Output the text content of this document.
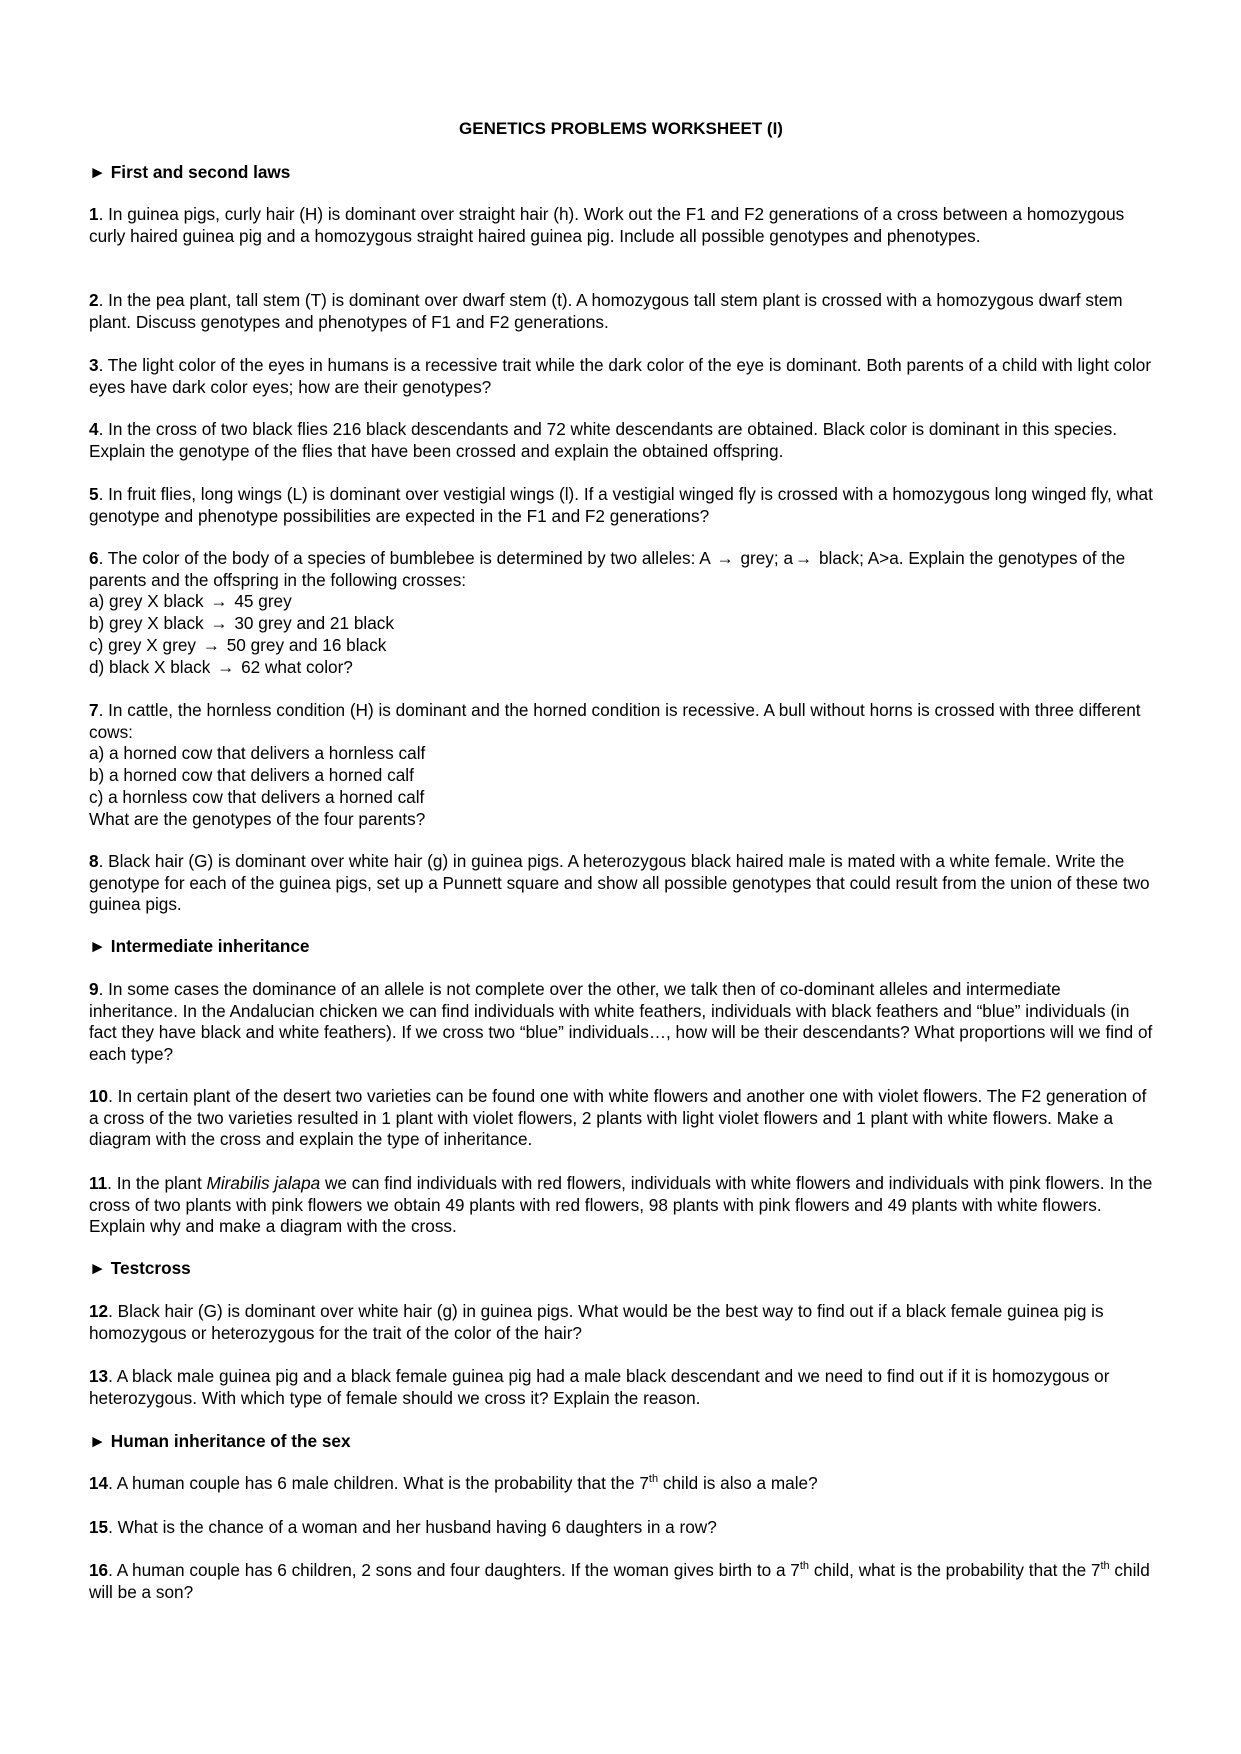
GENETICS PROBLEMS WORKSHEET (I)
► First and second laws
1. In guinea pigs, curly hair (H) is dominant over straight hair (h). Work out the F1 and F2 generations of a cross between a homozygous curly haired guinea pig and a homozygous straight haired guinea pig. Include all possible genotypes and phenotypes.
2. In the pea plant, tall stem (T) is dominant over dwarf stem (t). A homozygous tall stem plant is crossed with a homozygous dwarf stem plant. Discuss genotypes and phenotypes of F1 and F2 generations.
3. The light color of the eyes in humans is a recessive trait while the dark color of the eye is dominant. Both parents of a child with light color eyes have dark color eyes; how are their genotypes?
4. In the cross of two black flies 216 black descendants and 72 white descendants are obtained. Black color is dominant in this species. Explain the genotype of the flies that have been crossed and explain the obtained offspring.
5. In fruit flies, long wings (L) is dominant over vestigial wings (l). If a vestigial winged fly is crossed with a homozygous long winged fly, what genotype and phenotype possibilities are expected in the F1 and F2 generations?
6. The color of the body of a species of bumblebee is determined by two alleles: A → grey; a → black; A>a. Explain the genotypes of the parents and the offspring in the following crosses:
a) grey X black → 45 grey
b) grey X black → 30 grey and 21 black
c) grey X grey → 50 grey and 16 black
d) black X black → 62 what color?
7. In cattle, the hornless condition (H) is dominant and the horned condition is recessive. A bull without horns is crossed with three different cows:
a) a horned cow that delivers a hornless calf
b) a horned cow that delivers a horned calf
c) a hornless cow that delivers a horned calf
What are the genotypes of the four parents?
8. Black hair (G) is dominant over white hair (g) in guinea pigs. A heterozygous black haired male is mated with a white female. Write the genotype for each of the guinea pigs, set up a Punnett square and show all possible genotypes that could result from the union of these two guinea pigs.
► Intermediate inheritance
9. In some cases the dominance of an allele is not complete over the other, we talk then of co-dominant alleles and intermediate inheritance. In the Andalucian chicken we can find individuals with white feathers, individuals with black feathers and “blue” individuals (in fact they have black and white feathers). If we cross two “blue” individuals…, how will be their descendants? What proportions will we find of each type?
10. In certain plant of the desert two varieties can be found one with white flowers and another one with violet flowers. The F2 generation of a cross of the two varieties resulted in 1 plant with violet flowers, 2 plants with light violet flowers and 1 plant with white flowers. Make a diagram with the cross and explain the type of inheritance.
11. In the plant Mirabilis jalapa we can find individuals with red flowers, individuals with white flowers and individuals with pink flowers. In the cross of two plants with pink flowers we obtain 49 plants with red flowers, 98 plants with pink flowers and 49 plants with white flowers. Explain why and make a diagram with the cross.
► Testcross
12. Black hair (G) is dominant over white hair (g) in guinea pigs. What would be the best way to find out if a black female guinea pig is homozygous or heterozygous for the trait of the color of the hair?
13. A black male guinea pig and a black female guinea pig had a male black descendant and we need to find out if it is homozygous or heterozygous. With which type of female should we cross it? Explain the reason.
► Human inheritance of the sex
14. A human couple has 6 male children. What is the probability that the 7th child is also a male?
15. What is the chance of a woman and her husband having 6 daughters in a row?
16. A human couple has 6 children, 2 sons and four daughters. If the woman gives birth to a 7th child, what is the probability that the 7th child will be a son?
